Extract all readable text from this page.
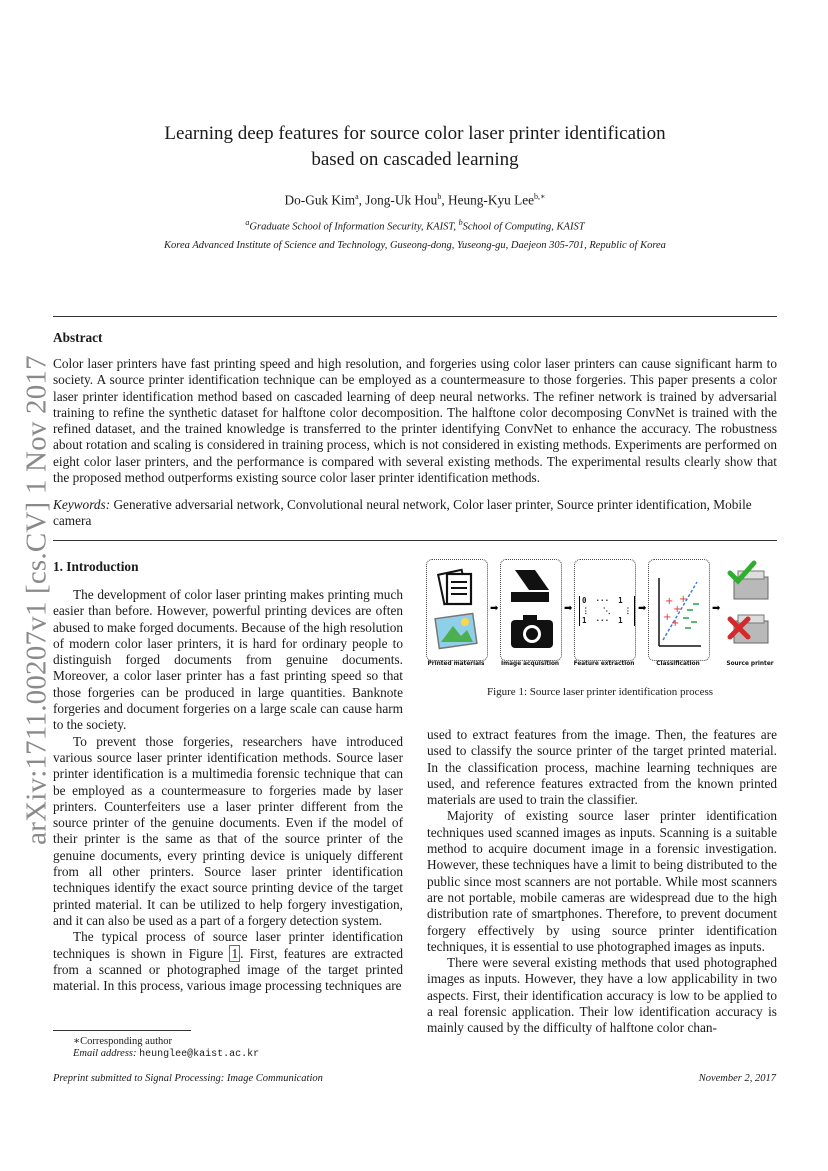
Learning deep features for source color laser printer identification
based on cascaded learning
Do-Guk Kim$^a$, Jong-Uk Hou$^b$, Heung-Kyu Lee$^{b,∗}$
$^a$Graduate School of Information Security, KAIST, $^b$School of Computing, KAIST
Korea Advanced Institute of Science and Technology, Guseong-dong, Yuseong-gu, Daejeon 305-701, Republic of Korea
arXiv:1711.00207v1 [cs.CV] 1 Nov 2017
Abstract
Color laser printers have fast printing speed and high resolution, and forgeries using color laser printers can cause significant harm to society. A source printer identification technique can be employed as a countermeasure to those forgeries. This paper presents a color laser printer identification method based on cascaded learning of deep neural networks. The refiner network is trained by adversarial training to refine the synthetic dataset for halftone color decomposition. The halftone color decomposing ConvNet is trained with the refined dataset, and the trained knowledge is transferred to the printer identifying ConvNet to enhance the accuracy. The robustness about rotation and scaling is considered in training process, which is not considered in existing methods. Experiments are performed on eight color laser printers, and the performance is compared with several existing methods. The experimental results clearly show that the proposed method outperforms existing source color laser printer identification methods.
Keywords: Generative adversarial network, Convolutional neural network, Color laser printer, Source printer identification, Mobile camera
1. Introduction

The development of color laser printing makes printing much easier than before. However, powerful printing devices are often abused to make forged documents. Because of the high resolution of modern color laser printers, it is hard for ordinary people to distinguish forged documents from genuine documents. Moreover, a color laser printer has a fast printing speed so that those forgeries can be produced in large quantities. Banknote forgeries and document forgeries on a large scale can cause harm to the society.

To prevent those forgeries, researchers have introduced various source laser printer identification methods. Source laser printer identification is a multimedia forensic technique that can be employed as a countermeasure to forgeries made by laser printers. Counterfeiters use a laser printer different from the source printer of the genuine documents. Even if the model of their printer is the same as that of the source printer of the genuine documents, every printing device is uniquely different from all other printers. Source laser printer identification techniques identify the exact source printing device of the target printed material. It can be utilized to help forgery investigation, and it can also be used as a part of a forgery detection system.

The typical process of source laser printer identification techniques is shown in Figure 1 . First, features are extracted from a scanned or photographed image of the target printed material. In this process, various image processing techniques are

➡	➡
0  ···  1
⋮   ⋱   ⋮
1  ···  1
➡
+
+
+
+
+
➡
Printed materials	Image acquisition	Feature extraction	Classification	Source printer
Figure 1: Source laser printer identification process

used to extract features from the image. Then, the features are used to classify the source printer of the target printed material. In the classification process, machine learning techniques are used, and reference features extracted from the known printed materials are used to train the classifier.

Majority of existing source laser printer identification techniques used scanned images as inputs. Scanning is a suitable method to acquire document image in a forensic investigation. However, these techniques have a limit to being distributed to the public since most scanners are not portable. While most scanners are not portable, mobile cameras are widespread due to the high distribution rate of smartphones. Therefore, to prevent document forgery effectively by using source printer identification techniques, it is essential to use photographed images as inputs.

There were several existing methods that used photographed images as inputs. However, they have a low applicability in two aspects. First, their identification accuracy is low to be applied to a real forensic application. Their low identification accuracy is mainly caused by the difficulty of halftone color chan-

∗Corresponding author
Email address: heunglee@kaist.ac.kr
Preprint submitted to Signal Processing: Image Communication	November 2, 2017
